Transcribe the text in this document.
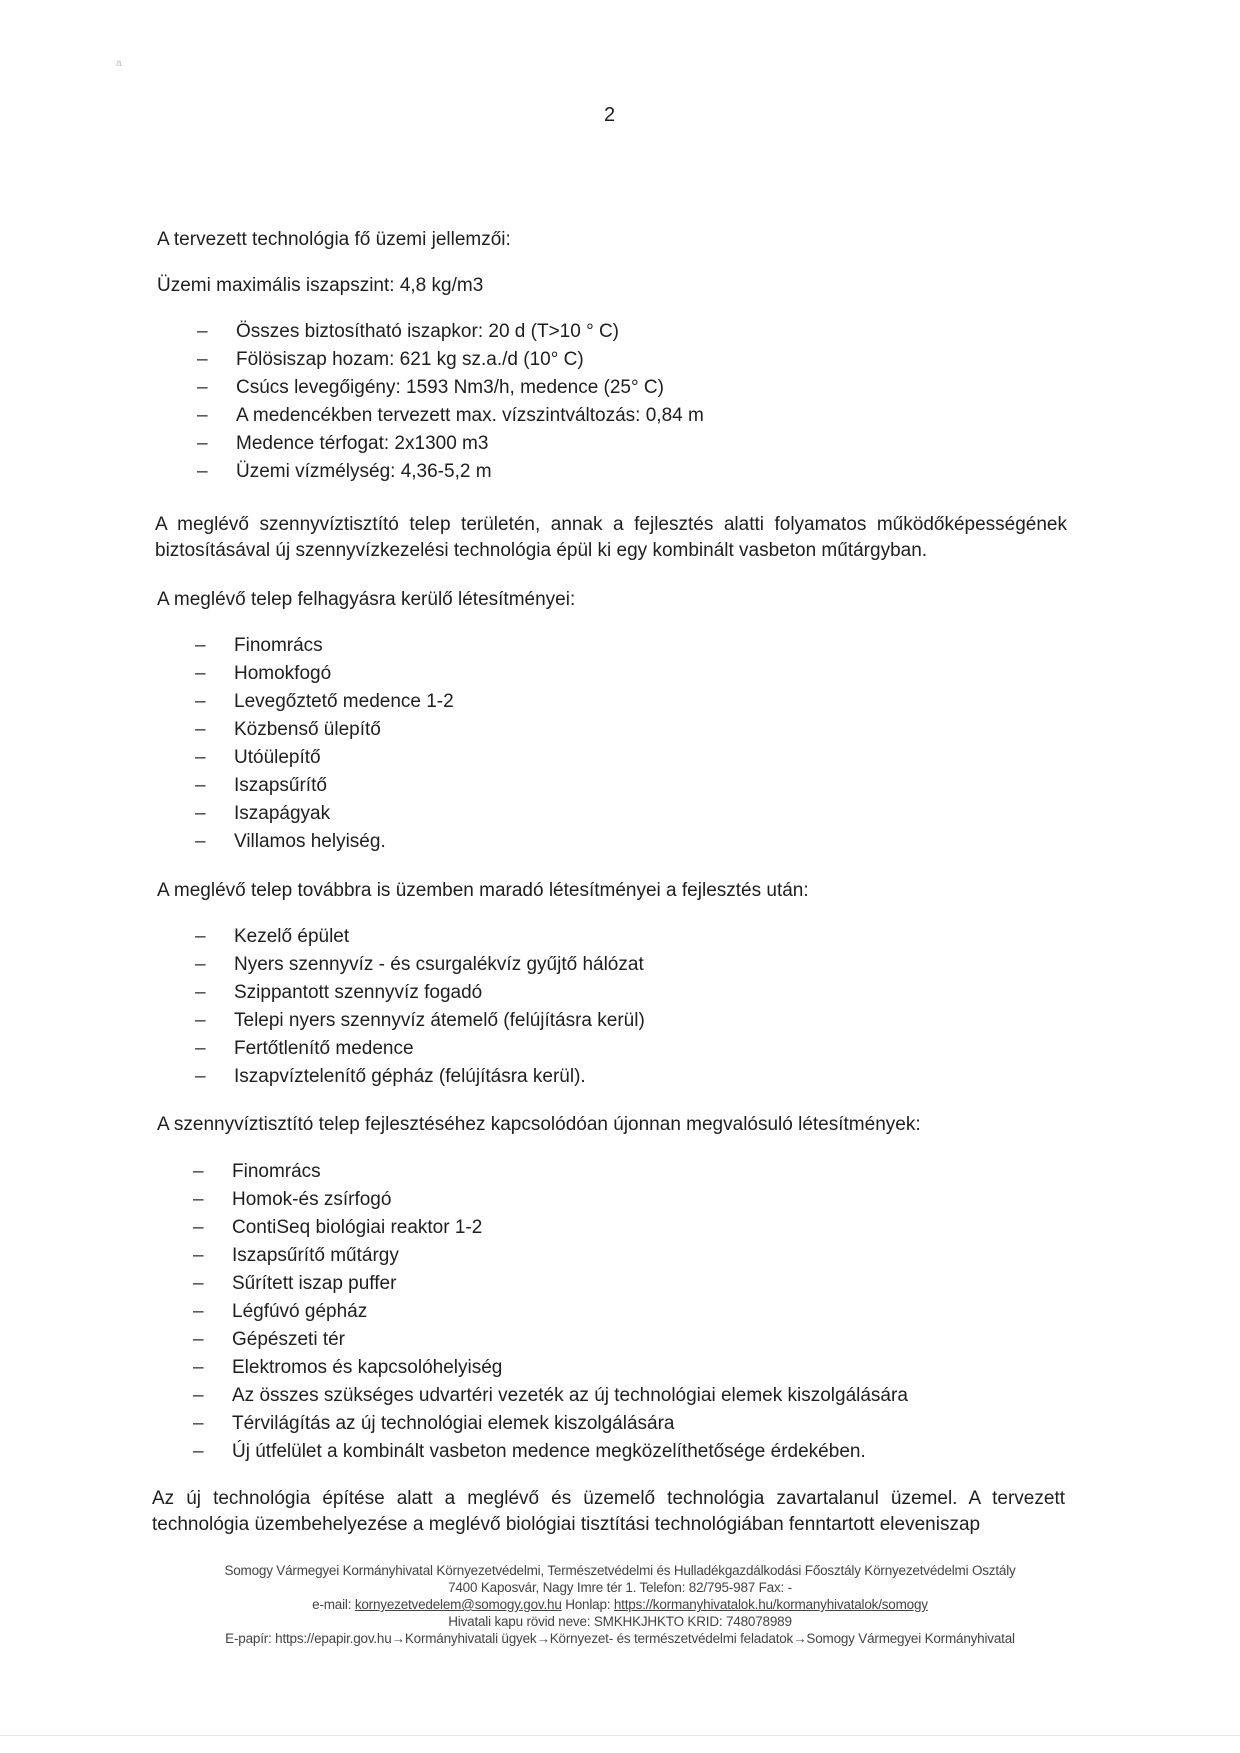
a
2
A tervezett technológia fő üzemi jellemzői:
Üzemi maximális iszapszint: 4,8 kg/m3
– Összes biztosítható iszapkor: 20 d (T>10 ° C)
– Fölösiszap hozam: 621 kg sz.a./d (10° C)
– Csúcs levegőigény: 1593 Nm3/h, medence (25° C)
– A medencékben tervezett max. vízszintváltozás: 0,84 m
– Medence térfogat: 2x1300 m3
– Üzemi vízmélység: 4,36-5,2 m
A meglévő szennyvíztisztító telep területén, annak a fejlesztés alatti folyamatos működőképességének biztosításával új szennyvízkezelési technológia épül ki egy kombinált vasbeton műtárgyban.
A meglévő telep felhagyásra kerülő létesítményei:
– Finomrács
– Homokfogó
– Levegőztető medence 1-2
– Közbenső ülepítő
– Utóülepítő
– Iszapsűrítő
– Iszapágyak
– Villamos helyiség.
A meglévő telep továbbra is üzemben maradó létesítményei a fejlesztés után:
– Kezelő épület
– Nyers szennyvíz - és csurgalékvíz gyűjtő hálózat
– Szippantott szennyvíz fogadó
– Telepi nyers szennyvíz átemelő (felújításra kerül)
– Fertőtlenítő medence
– Iszapvíztelenítő gépház (felújításra kerül).
A szennyvíztisztító telep fejlesztéséhez kapcsolódóan újonnan megvalósuló létesítmények:
– Finomrács
– Homok-és zsírfogó
– ContiSeq biológiai reaktor 1-2
– Iszapsűrítő műtárgy
– Sűrített iszap puffer
– Légfúvó gépház
– Gépészeti tér
– Elektromos és kapcsolóhelyiség
– Az összes szükséges udvartéri vezeték az új technológiai elemek kiszolgálására
– Térvilágítás az új technológiai elemek kiszolgálására
– Új útfelület a kombinált vasbeton medence megközelíthetősége érdekében.
Az új technológia építése alatt a meglévő és üzemelő technológia zavartalanul üzemel. A tervezett technológia üzembehelyezése a meglévő biológiai tisztítási technológiában fenntartott eleveniszap
Somogy Vármegyei Kormányhivatal Környezetvédelmi, Természetvédelmi és Hulladékgazdálkodási Főosztály Környezetvédelmi Osztály
7400 Kaposvár, Nagy Imre tér 1. Telefon: 82/795-987 Fax: -
e-mail: kornyezetvedelem@somogy.gov.hu Honlap: https://kormanyhivatalok.hu/kormanyhivatalok/somogy
Hivatali kapu rövid neve: SMKHKJHKTO KRID: 748078989
E-papír: https://epapir.gov.hu→Kormányhivatali ügyek→Környezet- és természetvédelmi feladatok→Somogy Vármegyei Kormányhivatal
